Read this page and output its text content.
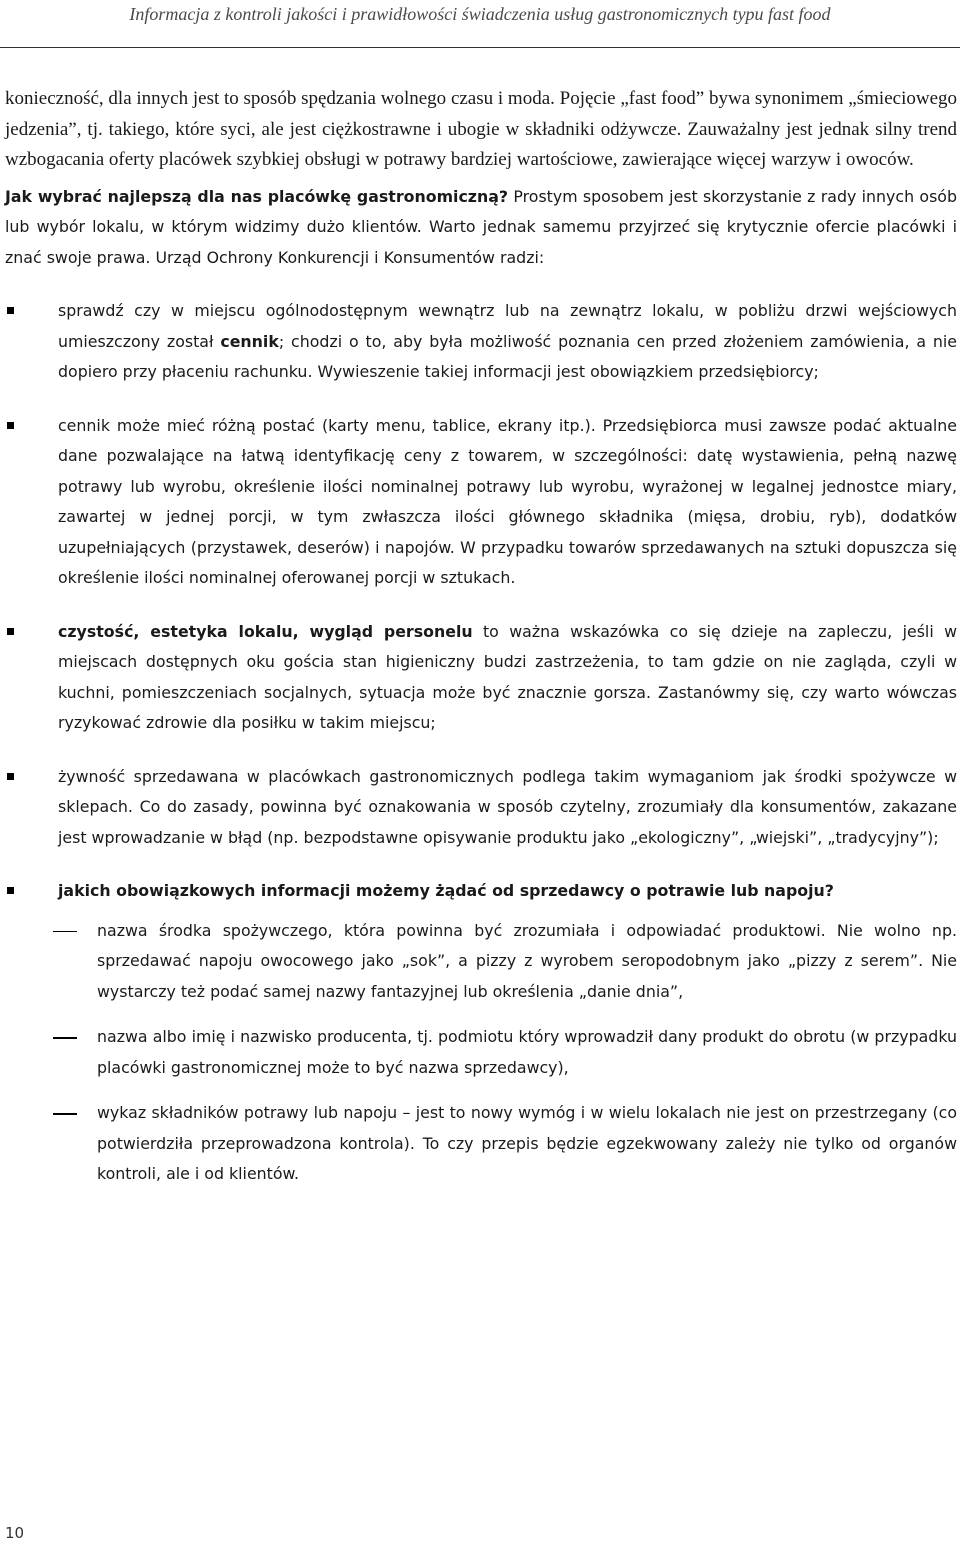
Informacja z kontroli jakości i prawidłowości świadczenia usług gastronomicznych typu fast food

konieczność, dla innych jest to sposób spędzania wolnego czasu i moda. Pojęcie „fast food” bywa synonimem „śmieciowego jedzenia”, tj. takiego, które syci, ale jest ciężkostrawne i ubogie w składniki odżywcze. Zauważalny jest jednak silny trend wzbogacania oferty placówek szybkiej obsługi w potrawy bardziej wartościowe, zawierające więcej warzyw i owoców.

Jak wybrać najlepszą dla nas placówkę gastronomiczną? Prostym sposobem jest skorzystanie z rady innych osób lub wybór lokalu, w którym widzimy dużo klientów. Warto jednak samemu przyjrzeć się krytycznie ofercie placówki i znać swoje prawa. Urząd Ochrony Konkurencji i Konsumentów radzi:

sprawdź czy w miejscu ogólnodostępnym wewnątrz lub na zewnątrz lokalu, w pobliżu drzwi wejściowych umieszczony został cennik; chodzi o to, aby była możliwość poznania cen przed złożeniem zamówienia, a nie dopiero przy płaceniu rachunku. Wywieszenie takiej informacji jest obowiązkiem przedsiębiorcy;
cennik może mieć różną postać (karty menu, tablice, ekrany itp.). Przedsiębiorca musi zawsze podać aktualne dane pozwalające na łatwą identyfikację ceny z towarem, w szczególności: datę wystawienia, pełną nazwę potrawy lub wyrobu, określenie ilości nominalnej potrawy lub wyrobu, wyrażonej w legalnej jednostce miary, zawartej w jednej porcji, w tym zwłaszcza ilości głównego składnika (mięsa, drobiu, ryb), dodatków uzupełniających (przystawek, deserów) i napojów. W przypadku towarów sprzedawanych na sztuki dopuszcza się określenie ilości nominalnej oferowanej porcji w sztukach.
czystość, estetyka lokalu, wygląd personelu to ważna wskazówka co się dzieje na zapleczu, jeśli w miejscach dostępnych oku gościa stan higieniczny budzi zastrzeżenia, to tam gdzie on nie zagląda, czyli w kuchni, pomieszczeniach socjalnych, sytuacja może być znacznie gorsza. Zastanówmy się, czy warto wówczas ryzykować zdrowie dla posiłku w takim miejscu;
żywność sprzedawana w placówkach gastronomicznych podlega takim wymaganiom jak środki spożywcze w sklepach. Co do zasady, powinna być oznakowania w sposób czytelny, zrozumiały dla konsumentów, zakazane jest wprowadzanie w błąd (np. bezpodstawne opisywanie produktu jako „ekologiczny”, „wiejski”, „tradycyjny”);
jakich obowiązkowych informacji możemy żądać od sprzedawcy o potrawie lub napoju?
nazwa środka spożywczego, która powinna być zrozumiała i odpowiadać produktowi. Nie wolno np. sprzedawać napoju owocowego jako „sok”, a pizzy z wyrobem seropodobnym jako „pizzy z serem”. Nie wystarczy też podać samej nazwy fantazyjnej lub określenia „danie dnia”,
nazwa albo imię i nazwisko producenta, tj. podmiotu który wprowadził dany produkt do obrotu (w przypadku placówki gastronomicznej może to być nazwa sprzedawcy),
wykaz składników potrawy lub napoju – jest to nowy wymóg i w wielu lokalach nie jest on przestrzegany (co potwierdziła przeprowadzona kontrola). To czy przepis będzie egzekwowany zależy nie tylko od organów kontroli, ale i od klientów.
10
